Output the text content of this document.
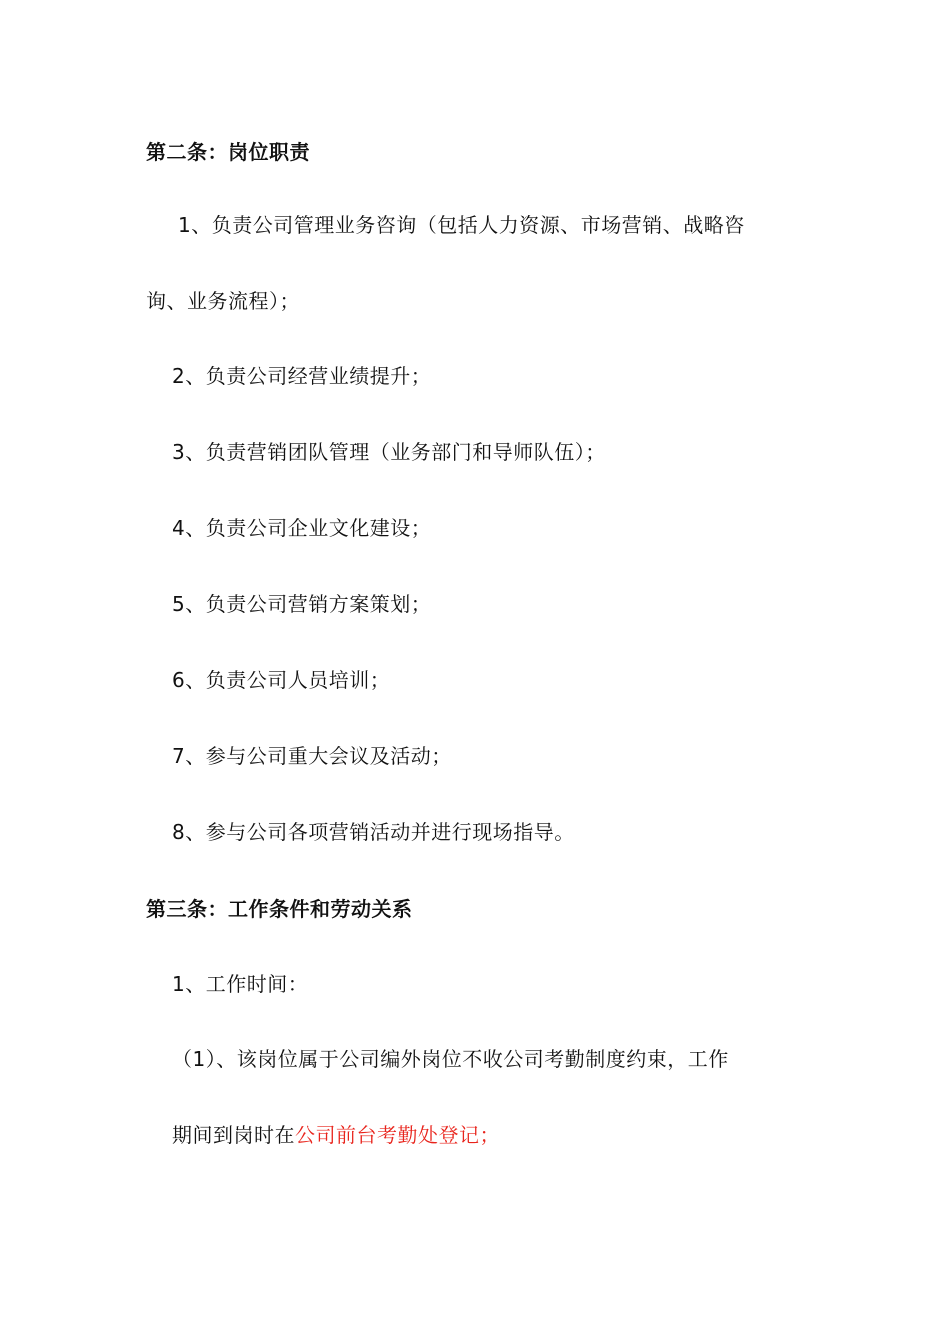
第二条：岗位职责
1、负责公司管理业务咨询（包括人力资源、市场营销、战略咨
询、业务流程）；
2、负责公司经营业绩提升；
3、负责营销团队管理（业务部门和导师队伍）；
4、负责公司企业文化建设；
5、负责公司营销方案策划；
6、负责公司人员培训；
7、参与公司重大会议及活动；
8、参与公司各项营销活动并进行现场指导。
第三条：工作条件和劳动关系
1、工作时间：
（1）、该岗位属于公司编外岗位不收公司考勤制度约束，工作
期间到岗时在公司前台考勤处登记；
